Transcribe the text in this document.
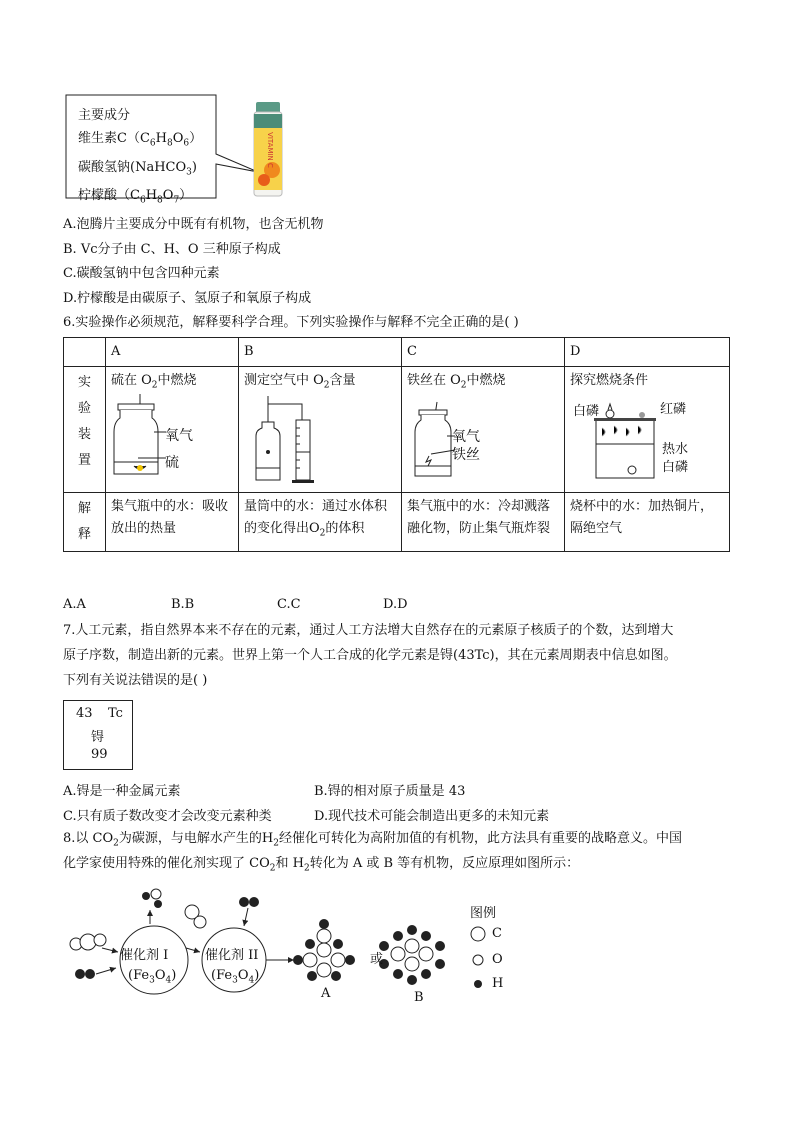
主要成分
维生素$C(C_6H_8O_6)$
碳酸氢钠(NaHCO$_3$)
柠檬酸$(C_6H_8O_7)$
VITAMIN C
A.泡腾片主要成分中既有有机物，也含无机物
B. Vc分子由 C、H、O 三种原子构成
C.碳酸氢钠中包含四种元素
D.柠檬酸是由碳原子、氢原子和氧原子构成
6.实验操作必须规范，解释要科学合理。下列实验操作与解释不完全正确的是( )
	A	B	C	D

实
验
装
置	硫在 $O_2$中燃烧	测定空气中 $O_2$含量	铁丝在 $O_2$中燃烧	探究燃烧条件

解
释	集气瓶中的水：吸收放出的热量	量筒中的水：通过水体积的变化得出$O_2$的体积	集气瓶中的水：冷却溅落融化物，防止集气瓶炸裂	烧杯中的水：加热铜片，隔绝空气
氧气
硫
氧气
铁丝
白磷	红磷
热水
白磷
A.A	B.B	C.C	D.D
7.人工元素，指自然界本来不存在的元素，通过人工方法增大自然存在的元素原子核质子的个数，达到增大
原子序数，制造出新的元素。世界上第一个人工合成的化学元素是锝(43Tc)，其在元素周期表中信息如图。
下列有关说法错误的是( )
43 Tc
锝
99
A.锝是一种金属元素	B.锝的相对原子质量是 43
C.只有质子数改变才会改变元素种类	D.现代技术可能会制造出更多的未知元素
8.以 $CO_2$为碳源，与电解水产生的$H_2$经催化可转化为高附加值的有机物，此方法具有重要的战略意义。中国
化学家使用特殊的催化剂实现了 $CO_2$和 $H_2$转化为 A 或 B 等有机物，反应原理如图所示：
催化剂 I
$(Fe_3O_4)$
催化剂 II
$(Fe_3O_4)$
或
A	B
图例
C
O
H
